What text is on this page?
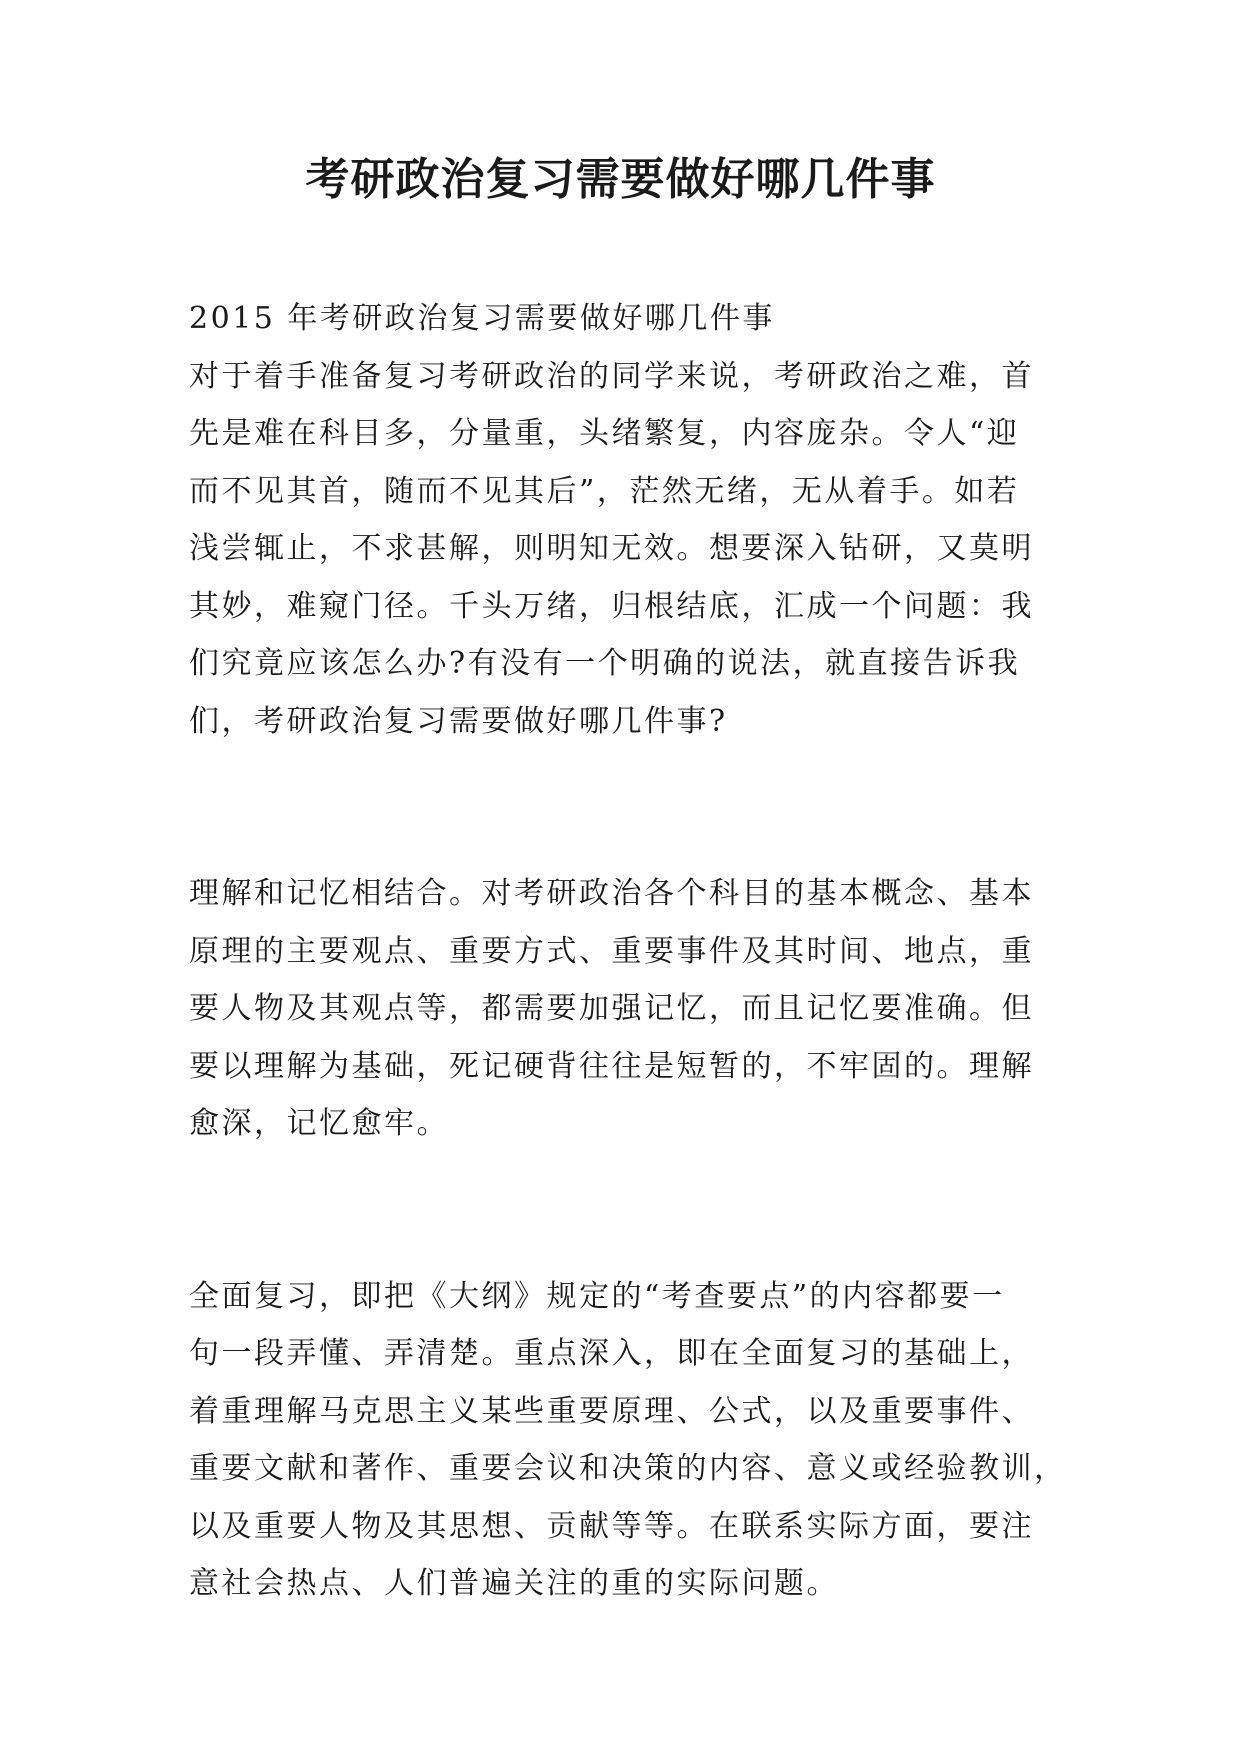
考研政治复习需要做好哪几件事
2015 年考研政治复习需要做好哪几件事
对于着手准备复习考研政治的同学来说，考研政治之难，首
先是难在科目多，分量重，头绪繁复，内容庞杂。令人“迎
而不见其首，随而不见其后”，茫然无绪，无从着手。如若
浅尝辄止，不求甚解，则明知无效。想要深入钻研，又莫明
其妙，难窥门径。千头万绪，归根结底，汇成一个问题：我
们究竟应该怎么办?有没有一个明确的说法，就直接告诉我
们，考研政治复习需要做好哪几件事?
理解和记忆相结合。对考研政治各个科目的基本概念、基本
原理的主要观点、重要方式、重要事件及其时间、地点，重
要人物及其观点等，都需要加强记忆，而且记忆要准确。但
要以理解为基础，死记硬背往往是短暂的，不牢固的。理解
愈深，记忆愈牢。
全面复习，即把《大纲》规定的“考查要点”的内容都要一
句一段弄懂、弄清楚。重点深入，即在全面复习的基础上，
着重理解马克思主义某些重要原理、公式，以及重要事件、
重要文献和著作、重要会议和决策的内容、意义或经验教训，
以及重要人物及其思想、贡献等等。在联系实际方面，要注
意社会热点、人们普遍关注的重的实际问题。
